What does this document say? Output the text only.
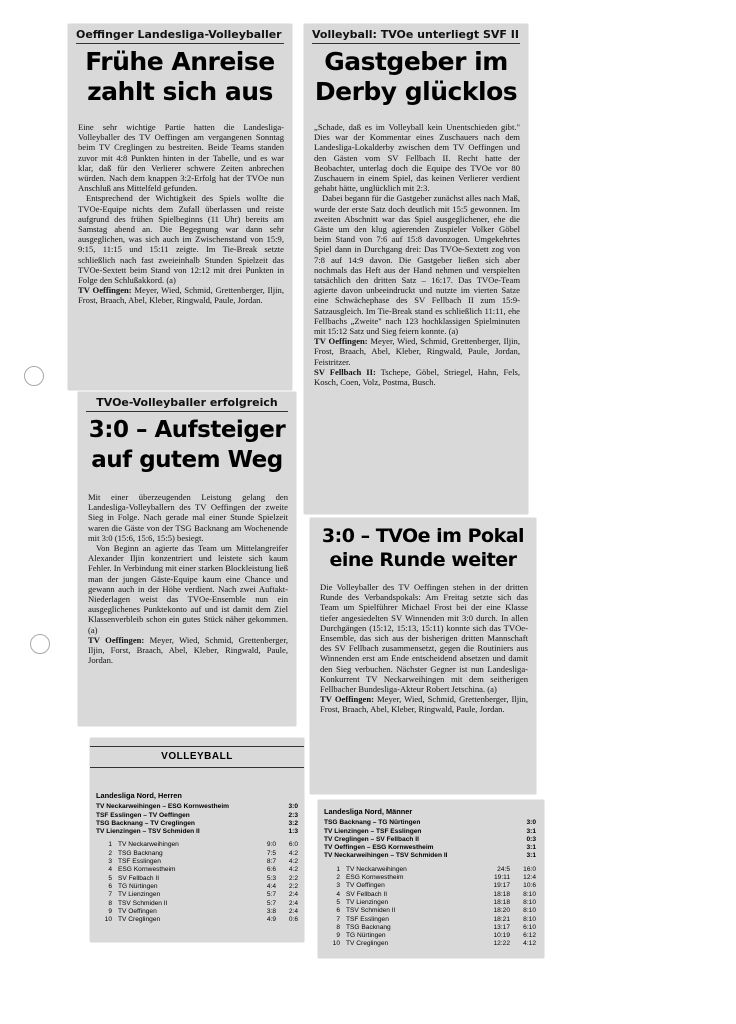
Oeffinger Landesliga-Volleyballer
Frühe Anreise
zahlt sich aus

Eine sehr wichtige Partie hatten die Landesliga-Volleyballer des TV Oeffingen am vergangenen Sonntag beim TV Creglingen zu bestreiten. Beide Teams standen zuvor mit 4:8 Punkten hinten in der Tabelle, und es war klar, daß für den Verlierer schwere Zeiten anbrechen würden. Nach dem knappen 3:2-Erfolg hat der TVOe nun Anschluß ans Mittelfeld gefunden.

Entsprechend der Wichtigkeit des Spiels wollte die TVOe-Equipe nichts dem Zufall überlassen und reiste aufgrund des frühen Spielbeginns (11 Uhr) bereits am Samstag abend an. Die Begegnung war dann sehr ausgeglichen, was sich auch im Zwischenstand von 15:9, 9:15, 11:15 und 15:11 zeigte. Im Tie-Break setzte schließlich nach fast zweieinhalb Stunden Spielzeit das TVOe-Sextett beim Stand von 12:12 mit drei Punkten in Folge den Schlußakkord. (a)

TV Oeffingen: Meyer, Wied, Schmid, Grettenberger, Iljin, Frost, Braach, Abel, Kleber, Ringwald, Paule, Jordan.

Volleyball: TVOe unterliegt SVF II
Gastgeber im
Derby glücklos

„Schade, daß es im Volleyball kein Unentschieden gibt." Dies war der Kommentar eines Zuschauers nach dem Landesliga-Lokalderby zwischen dem TV Oeffingen und den Gästen vom SV Fellbach II. Recht hatte der Beobachter, unterlag doch die Equipe des TVOe vor 80 Zuschauern in einem Spiel, das keinen Verlierer verdient gehabt hätte, unglücklich mit 2:3.

Dabei begann für die Gastgeber zunächst alles nach Maß, wurde der erste Satz doch deutlich mit 15:5 gewonnen. Im zweiten Abschnitt war das Spiel ausgeglichener, ehe die Gäste um den klug agierenden Zuspieler Volker Göbel beim Stand von 7:6 auf 15:8 davonzogen. Umgekehrtes Spiel dann in Durchgang drei: Das TVOe-Sextett zog von 7:8 auf 14:9 davon. Die Gastgeber ließen sich aber nochmals das Heft aus der Hand nehmen und verspielten tatsächlich den dritten Satz – 16:17. Das TVOe-Team agierte davon unbeeindruckt und nutzte im vierten Satze eine Schwächephase des SV Fellbach II zum 15:9-Satzausgleich. Im Tie-Break stand es schließlich 11:11, ehe Fellbachs „Zweite" nach 123 hochklassigen Spielminuten mit 15:12 Satz und Sieg feiern konnte. (a)

TV Oeffingen: Meyer, Wied, Schmid, Grettenberger, Iljin, Frost, Braach, Abel, Kleber, Ringwald, Paule, Jordan, Feistritzer.

SV Fellbach II: Tschepe, Göbel, Striegel, Hahn, Fels, Kosch, Coen, Volz, Postma, Busch.

TVOe-Volleyballer erfolgreich
3:0 – Aufsteiger
auf gutem Weg

Mit einer überzeugenden Leistung gelang den Landesliga-Volleyballern des TV Oeffingen der zweite Sieg in Folge. Nach gerade mal einer Stunde Spielzeit waren die Gäste von der TSG Backnang am Wochenende mit 3:0 (15:6, 15:6, 15:5) besiegt.

Von Beginn an agierte das Team um Mittelangreifer Alexander Iljin konzentriert und leistete sich kaum Fehler. In Verbindung mit einer starken Blockleistung ließ man der jungen Gäste-Equipe kaum eine Chance und gewann auch in der Höhe verdient. Nach zwei Auftakt-Niederlagen weist das TVOe-Ensemble nun ein ausgeglichenes Punktekonto auf und ist damit dem Ziel Klassenverbleib schon ein gutes Stück näher gekommen. (a)

TV Oeffingen: Meyer, Wied, Schmid, Grettenberger, Iljin, Forst, Braach, Abel, Kleber, Ringwald, Paule, Jordan.

3:0 – TVOe im Pokal
eine Runde weiter

Die Volleyballer des TV Oeffingen stehen in der dritten Runde des Verbandspokals: Am Freitag setzte sich das Team um Spielführer Michael Frost bei der eine Klasse tiefer angesiedelten SV Winnenden mit 3:0 durch. In allen Durchgängen (15:12, 15:13, 15:11) konnte sich das TVOe-Ensemble, das sich aus der bisherigen dritten Mannschaft des SV Fellbach zusammensetzt, gegen die Routiniers aus Winnenden erst am Ende entscheidend absetzen und damit den Sieg verbuchen. Nächster Gegner ist nun Landesliga-Konkurrent TV Neckarweihingen mit dem seitherigen Fellbacher Bundesliga-Akteur Robert Jetschina. (a)

TV Oeffingen: Meyer, Wied, Schmid, Grettenberger, Iljin, Frost, Braach, Abel, Kleber, Ringwald, Paule, Jordan.

VOLLEYBALL
Landesliga Nord, Herren
TV Neckarweihingen – ESG Kornwestheim	3:0
TSF Esslingen – TV Oeffingen	2:3
TSG Backnang – TV Creglingen	3:2
TV Lienzingen – TSV Schmiden II	1:3
1 TV Neckarweihingen	9:0	6:0
2 TSG Backnang	7:5	4:2
3 TSF Esslingen	8:7	4:2
4 ESG Kornwestheim	6:6	4:2
5 SV Fellbach II	5:3	2:2
6 TG Nürtingen	4:4	2:2
7 TV Lienzingen	5:7	2:4
8 TSV Schmiden II	5:7	2:4
9 TV Oeffingen	3:8	2:4
10 TV Creglingen	4:9	0:6
Landesliga Nord, Männer
TSG Backnang – TG Nürtingen	3:0
TV Lienzingen – TSF Esslingen	3:1
TV Creglingen – SV Fellbach II	0:3
TV Oeffingen – ESG Kornwestheim	3:1
TV Neckarweihingen – TSV Schmiden II	3:1
1 TV Neckarweihingen	24:5	16:0
2 ESG Kornwestheim	19:11	12:4
3 TV Oeffingen	19:17	10:6
4 SV Fellbach II	18:18	8:10
5 TV Lienzingen	18:18	8:10
6 TSV Schmiden II	18:20	8:10
7 TSF Esslingen	18:21	8:10
8 TSG Backnang	13:17	6:10
9 TG Nürtingen	10:19	6:12
10 TV Creglingen	12:22	4:12
